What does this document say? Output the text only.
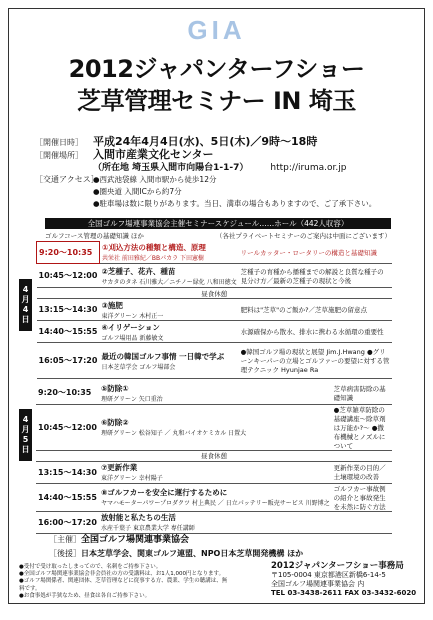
GIA
2012ジャパンターフショー
芝草管理セミナー IN 埼玉
［開催日時］ 平成24年4月4日(水)、5日(木)／9時〜18時
［開催場所］ 入間市産業文化センター
（所在地 埼玉県入間市向陽台1-1-7） http://iruma.or.jp
［交通アクセス］●西武池袋線 入間市駅から徒歩12分
●圏央道 入間ICから約7分
●駐車場は数に限りがあります。当日、満車の場合もありますので、ご了承下さい。
全国ゴルフ場連事業協会主催セミナースケジュール……ホール（442人収容）
ゴルフコース管理の基礎知識 ほか	（各社プライベートセミナーのご案内は中面にございます）
4月4日
9:20〜10:35	①刈込方法の種類と構造、原理
共栄社 前田雅紀／BBパカラ 下田憲樹	リールカッター・ロータリーの構造と基礎知識
10:45〜12:00	②芝種子、花卉、種苗
サカタのタネ 石川雅大／ニチノー緑化 八和田徳文	芝種子の育種から播種までの解説と良質な種子の見分け方／最新の芝種子の現状と今後
昼食休憩		
13:15〜14:30	③施肥
東洋グリーン 木村正一	肥料は"芝草"のご飯か?／芝草施肥の留意点
14:40〜15:55	④イリゲーション
ゴルフ場用品 新藤敏文	水源確保から散水、排水に携わる水循環の重要性
16:05〜17:20	最近の韓国ゴルフ事情 一日韓で学ぶ
日本芝草学会 ゴルフ場部会	●韓国ゴルフ場の現状と展望 Jim.J.Hwang ●グリーンキーパーの立場とゴルファーの要望に対する管理テクニック Hyunjae Ra
4月5日
9:20〜10:35	⑤防除①
理研グリーン 矢口重治	芝草病害防除の基礎知識
10:45〜12:00	⑥防除②
理研グリーン 松谷知子 ／ 丸和バイオケミカル 日置大	●芝草雑草防除の基礎講座〜除草剤は万能か?〜 ●撒布機械とノズルについて
昼食休憩		
13:15〜14:30	⑦更新作業
東洋グリーン 幸村陽子	更新作業の目的／土壌環境の改善
14:40〜15:55	⑧ゴルフカーを安全に運行するために
ヤマハモーターパワープロダクツ 村上典民 ／ 日立パッテリー販売サービス 川野博之	ゴルフカー事故例の紹介と事故発生を未然に防ぐ方法
16:00〜17:20	放射能と私たちの生活
水産千葉子 東京農業大学 専任講師	

［主催］全国ゴルフ場関連事業協会
［後援］日本芝草学会、関東ゴルフ連盟、NPO日本芝草開発機構 ほか
●受付で受け取ったしまってので、名刺をご持参下さい。
●全国ゴルフ場関連事業協会非会員社の方の受講料は、お1人1,000円となります。
●ゴルフ場関係者、関連団体、芝草管理などに従事する方、農業、学生の聴講は、無料です。
●お食事処が手狭なため、昼食は各自ご持参下さい。
2012ジャパンターフショー事務局
〒105-0004 東京都港区新橋6-14-5
全国ゴルフ場関連事業協会 内
TEL 03-3438-2611 FAX 03-3432-6020
